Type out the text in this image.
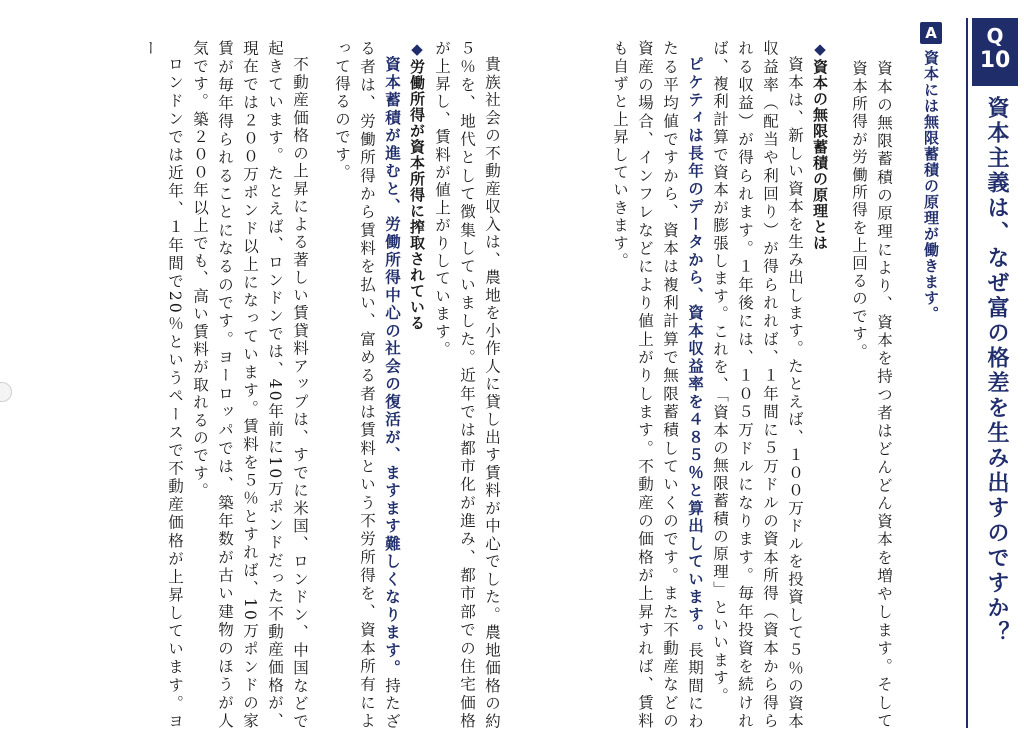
Q
10
資本主義は、なぜ富の格差を生み出すのですか？
A
資本には無限蓄積の原理が働きます。

資本の無限蓄積の原理により、資本を持つ者はどんどん資本を増やします。そして資本所得が労働所得を上回るのです。

◆資本の無限蓄積の原理とは

資本は、新しい資本を生み出します。たとえば、１００万ドルを投資して５％の資本収益率（配当や利回り）が得られれば、１年間に５万ドルの資本所得（資本から得られる収益）が得られます。１年後には、１０５万ドルになります。毎年投資を続ければ、複利計算で資本が膨張します。これを、「資本の無限蓄積の原理」といいます。

ピケティは長年のデータから、資本収益率を４８５％と算出しています。長期間にわたる平均値ですから、資本は複利計算で無限蓄積していくのです。また不動産などの資産の場合、インフレなどにより値上がりします。不動産の価格が上昇すれば、賃料も自ずと上昇していきます。

貴族社会の不動産収入は、農地を小作人に貸し出す賃料が中心でした。農地価格の約５％を、地代として徴集していました。近年では都市化が進み、都市部での住宅価格が上昇し、賃料が値上がりしています。

◆労働所得が資本所得に搾取されている

資本蓄積が進むと、労働所得中心の社会の復活が、ますます難しくなります。持たざる者は、労働所得から賃料を払い、富める者は賃料という不労所得を、資本所有によって得るのです。

不動産価格の上昇による著しい賃貸料アップは、すでに米国、ロンドン、中国などで起きています。たとえば、ロンドンでは、40年前に10万ポンドだった不動産価格が、現在では２００万ポンド以上になっています。賃料を５％とすれば、10万ポンドの家賃が毎年得られることになるのです。ヨーロッパでは、築年数が古い建物のほうが人気です。築２００年以上でも、高い賃料が取れるのです。

ロンドンでは近年、１年間で20％というペースで不動産価格が上昇しています。ヨー
